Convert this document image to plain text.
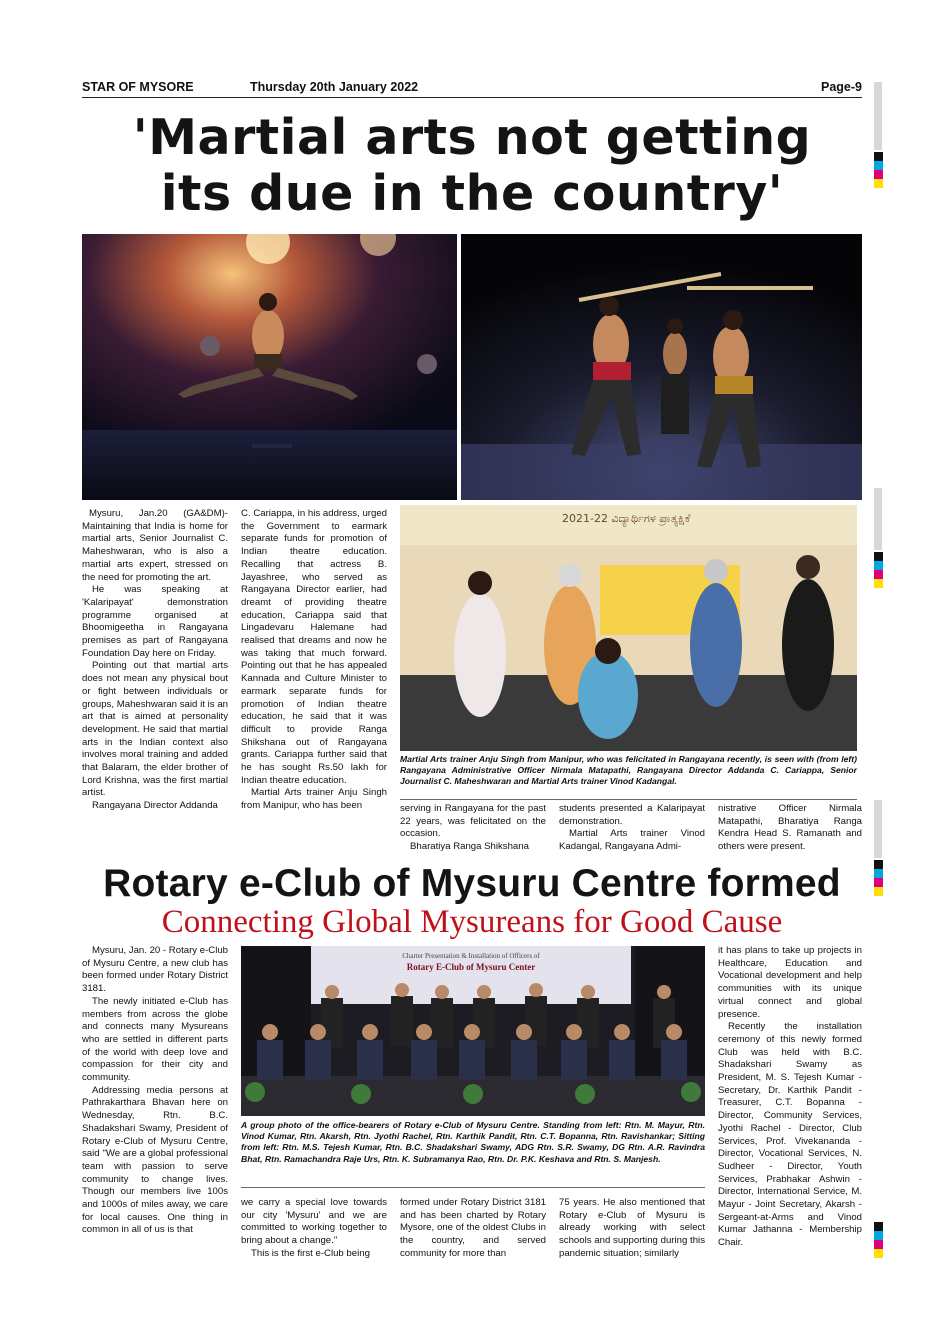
STAR OF MYSORE	Thursday 20th January 2022	Page-9
'Martial arts not getting
its due in the country'

Mysuru, Jan.20 (GA&DM)- Maintaining that India is home for martial arts, Senior Journalist C. Maheshwaran, who is also a martial arts expert, stressed on the need for promoting the art.

He was speaking at 'Kalaripayat' demonstration programme organised at Bhoomigeetha in Rangayana premises as part of Rangayana Foundation Day here on Friday.

Pointing out that martial arts does not mean any physical bout or fight between individuals or groups, Maheshwaran said it is an art that is aimed at personality development. He said that martial arts in the Indian context also involves moral training and added that Balaram, the elder brother of Lord Krishna, was the first martial artist.

Rangayana Director Addanda

C. Cariappa, in his address, urged the Government to earmark separate funds for promotion of Indian theatre education. Recalling that actress B. Jayashree, who served as Rangayana Director earlier, had dreamt of providing theatre education, Cariappa said that Lingadevaru Halemane had realised that dreams and now he was taking that much forward. Pointing out that he has appealed Kannada and Culture Minister to earmark separate funds for promotion of Indian theatre education, he said that it was difficult to provide Ranga Shikshana out of Rangayana grants. Cariappa further said that he has sought Rs.50 lakh for Indian theatre education.

Martial Arts trainer Anju Singh from Manipur, who has been

2021-22 ವಿದ್ಯಾರ್ಥಿಗಳ ಪ್ರಾತ್ಯಕ್ಷಿಕೆ
Martial Arts trainer Anju Singh from Manipur, who was felicitated in Rangayana recently, is seen with (from left) Rangayana Administrative Officer Nirmala Matapathi, Rangayana Director Addanda C. Cariappa, Senior Journalist C. Maheshwaran and Martial Arts trainer Vinod Kadangal.

serving in Rangayana for the past 22 years, was felicitated on the occasion.

Bharatiya Ranga Shikshana

students presented a Kalaripayat demonstration.

Martial Arts trainer Vinod Kadangal, Rangayana Admi-

nistrative Officer Nirmala Matapathi, Bharatiya Ranga Kendra Head S. Ramanath and others were present.

Rotary e-Club of Mysuru Centre formed
Connecting Global Mysureans for Good Cause

Mysuru, Jan. 20 - Rotary e-Club of Mysuru Centre, a new club has been formed under Rotary District 3181.

The newly initiated e-Club has members from across the globe and connects many Mysureans who are settled in different parts of the world with deep love and compassion for their city and community.

Addressing media persons at Pathrakarthara Bhavan here on Wednesday, Rtn. B.C. Shadakshari Swamy, President of Rotary e-Club of Mysuru Centre, said "We are a global professional team with passion to serve community to change lives. Though our members live 100s and 1000s of miles away, we care for local causes. One thing in common in all of us is that

Charter Presentation & Installation of Officers of
Rotary E-Club of Mysuru Center
A group photo of the office-bearers of Rotary e-Club of Mysuru Centre. Standing from left: Rtn. M. Mayur, Rtn. Vinod Kumar, Rtn. Akarsh, Rtn. Jyothi Rachel, Rtn. Karthik Pandit, Rtn. C.T. Bopanna, Rtn. Ravishankar; Sitting from left: Rtn. M.S. Tejesh Kumar, Rtn. B.C. Shadakshari Swamy, ADG Rtn. S.R. Swamy, DG Rtn. A.R. Ravindra Bhat, Rtn. Ramachandra Raje Urs, Rtn. K. Subramanya Rao, Rtn. Dr. P.K. Keshava and Rtn. S. Manjesh.

we carry a special love towards our city 'Mysuru' and we are committed to working together to bring about a change."

This is the first e-Club being

formed under Rotary District 3181 and has been charted by Rotary Mysore, one of the oldest Clubs in the country, and served community for more than

75 years. He also mentioned that Rotary e-Club of Mysuru is already working with select schools and supporting during this pandemic situation; similarly

it has plans to take up projects in Healthcare, Education and Vocational development and help communities with its unique virtual connect and global presence.

Recently the installation ceremony of this newly formed Club was held with B.C. Shadakshari Swamy as President, M. S. Tejesh Kumar - Secretary, Dr. Karthik Pandit - Treasurer, C.T. Bopanna - Director, Community Services, Jyothi Rachel - Director, Club Services, Prof. Vivekananda - Director, Vocational Services, N. Sudheer - Director, Youth Services, Prabhakar Ashwin - Director, International Service, M. Mayur - Joint Secretary, Akarsh - Sergeant-at-Arms and Vinod Kumar Jathanna - Membership Chair.
